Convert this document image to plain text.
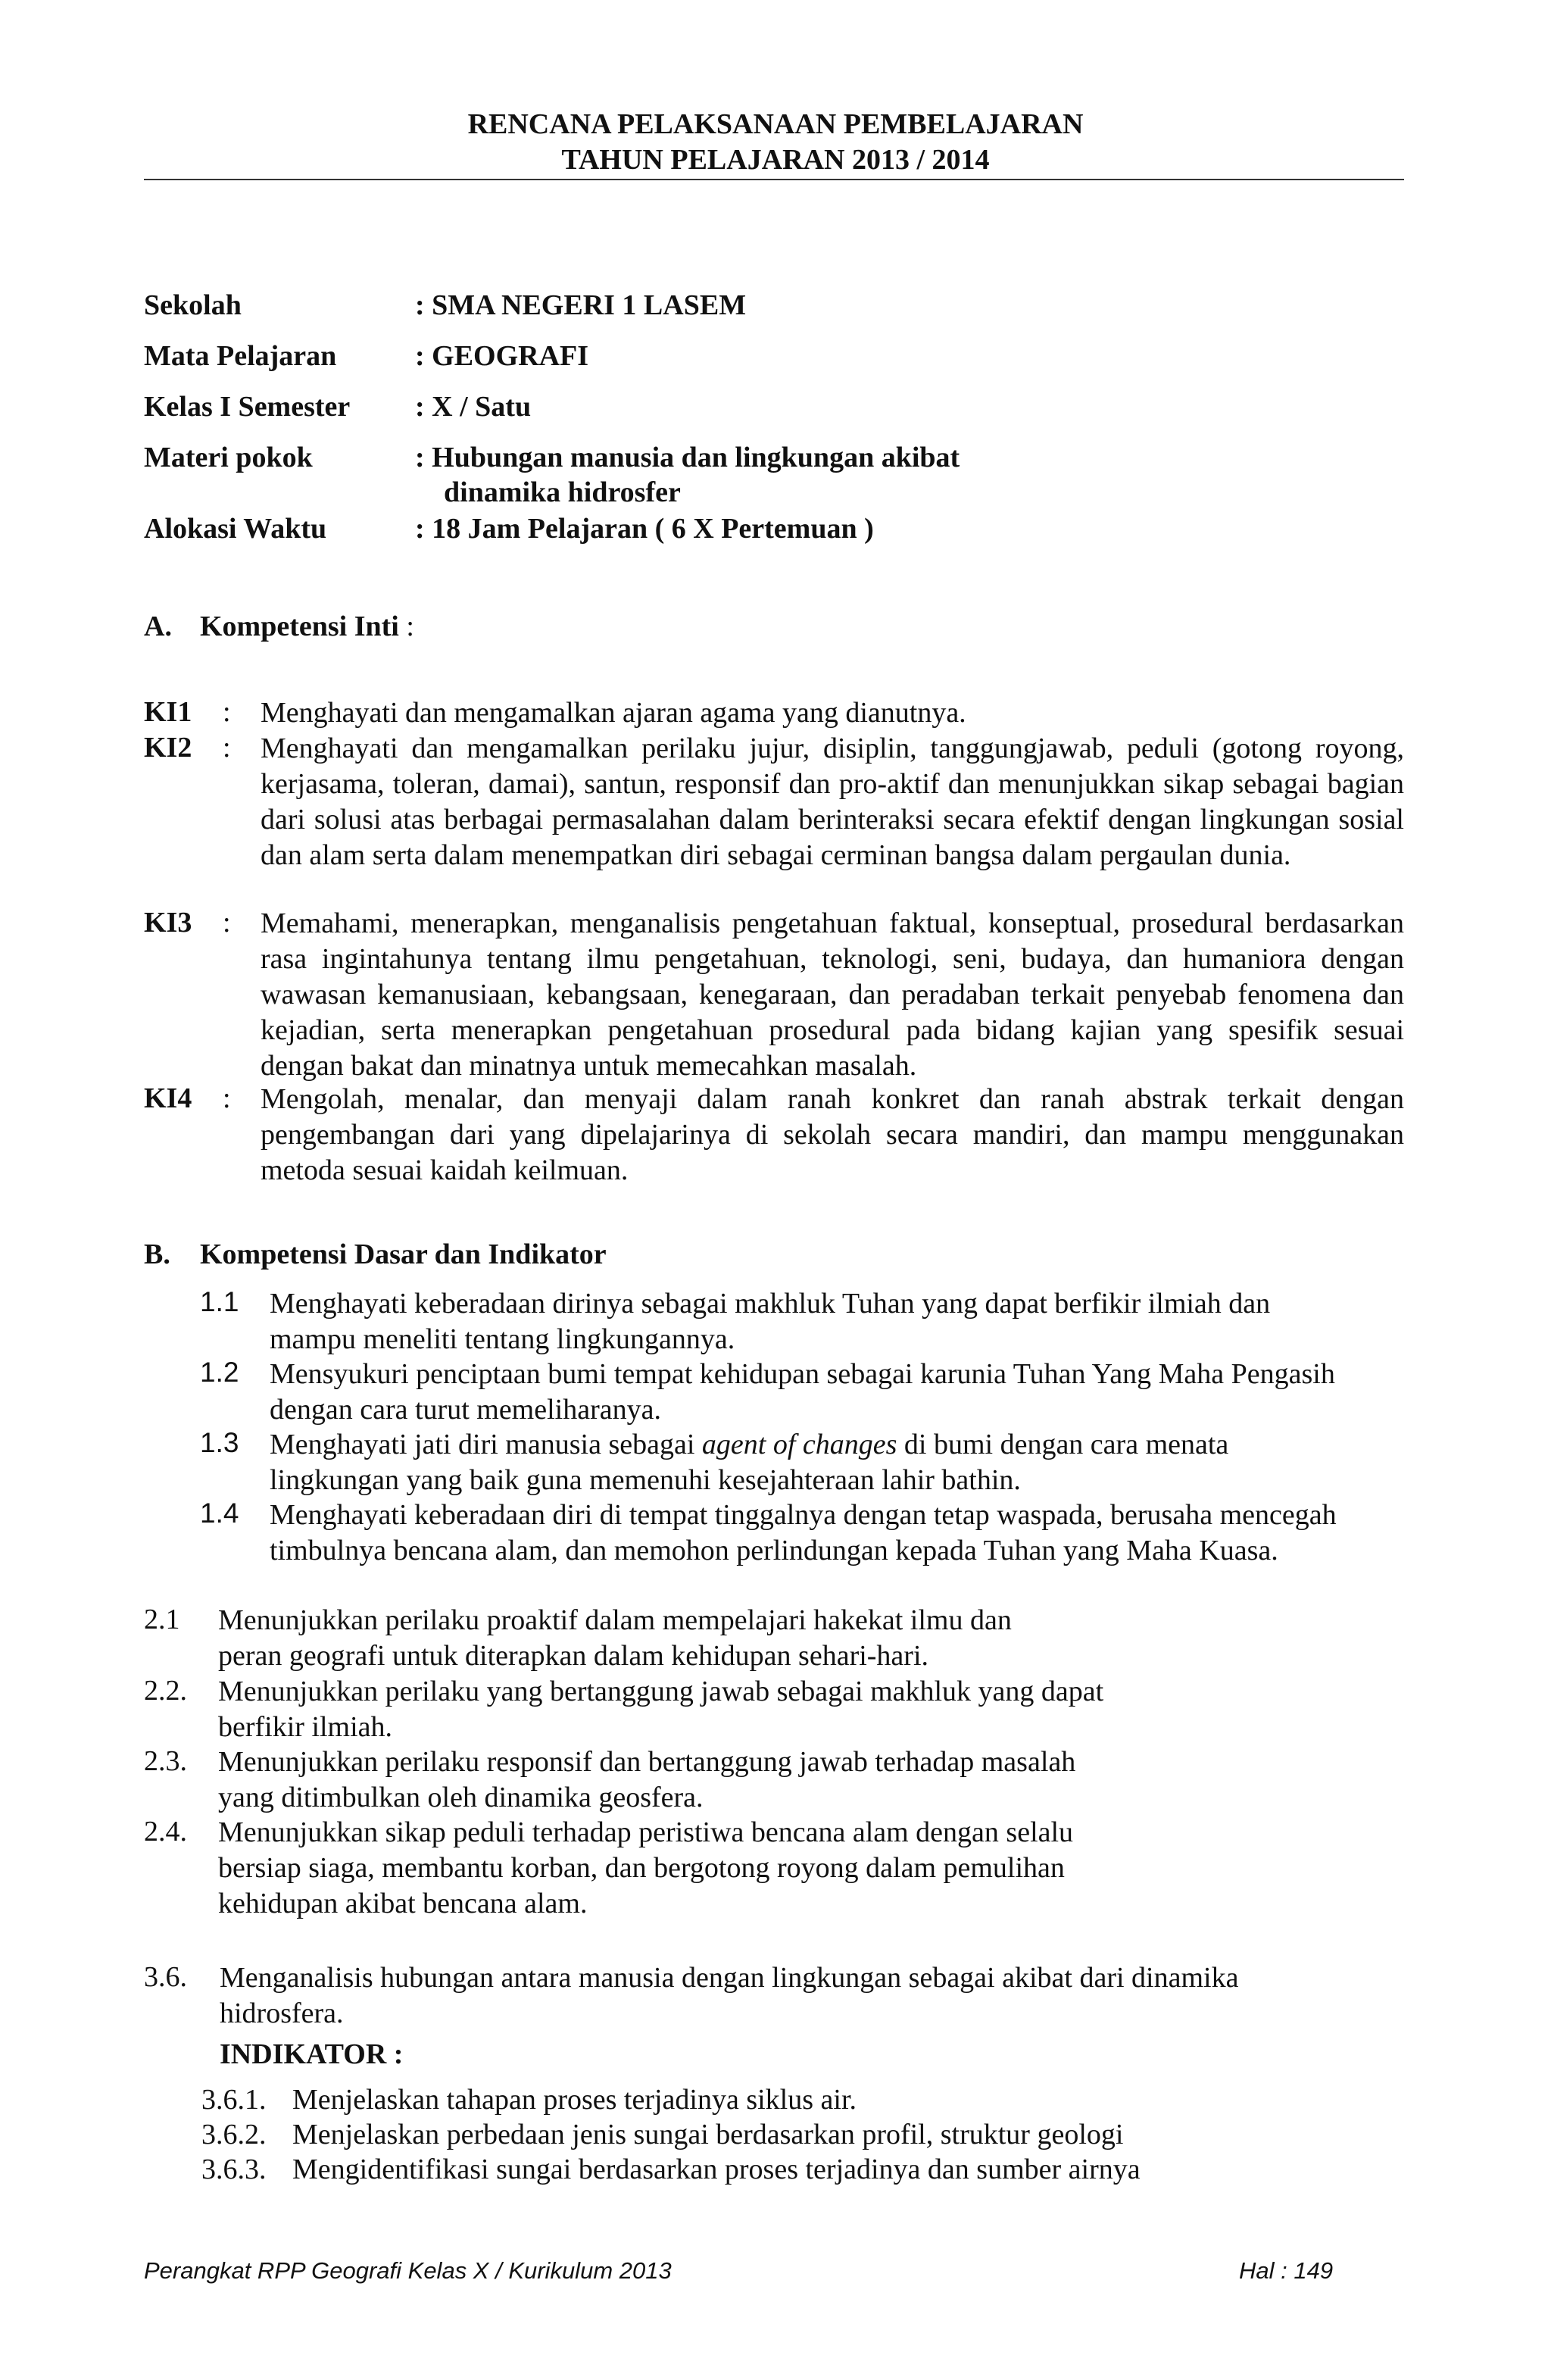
RENCANA PELAKSANAAN PEMBELAJARAN
TAHUN PELAJARAN 2013 / 2014
Sekolah	: SMA NEGERI 1 LASEM
Mata Pelajaran	: GEOGRAFI
Kelas I Semester : X / Satu
Materi pokok	: Hubungan manusia dan lingkungan akibat
dinamika hidrosfer
Alokasi Waktu	: 18 Jam Pelajaran ( 6 X Pertemuan )
A. Kompetensi Inti :
KI1 : Menghayati dan mengamalkan ajaran agama yang dianutnya.
KI2 : Menghayati dan mengamalkan perilaku jujur, disiplin, tanggungjawab, peduli (gotong royong, kerjasama, toleran, damai), santun, responsif dan pro-aktif dan menunjukkan sikap sebagai bagian dari solusi atas berbagai permasalahan dalam berinteraksi secara efektif dengan lingkungan sosial dan alam serta dalam menempatkan diri sebagai cerminan bangsa dalam pergaulan dunia.
KI3 : Memahami, menerapkan, menganalisis pengetahuan faktual, konseptual, prosedural berdasarkan rasa ingintahunya tentang ilmu pengetahuan, teknologi, seni, budaya, dan humaniora dengan wawasan kemanusiaan, kebangsaan, kenegaraan, dan peradaban terkait penyebab fenomena dan kejadian, serta menerapkan pengetahuan prosedural pada bidang kajian yang spesifik sesuai dengan bakat dan minatnya untuk memecahkan masalah.
KI4 : Mengolah, menalar, dan menyaji dalam ranah konkret dan ranah abstrak terkait dengan pengembangan dari yang dipelajarinya di sekolah secara mandiri, dan mampu menggunakan metoda sesuai kaidah keilmuan.
B. Kompetensi Dasar dan Indikator
1.1 Menghayati keberadaan dirinya sebagai makhluk Tuhan yang dapat berfikir ilmiah dan
mampu meneliti tentang lingkungannya.
1.2 Mensyukuri penciptaan bumi tempat kehidupan sebagai karunia Tuhan Yang Maha Pengasih
dengan cara turut memeliharanya.
1.3 Menghayati jati diri manusia sebagai agent of changes di bumi dengan cara menata
lingkungan yang baik guna memenuhi kesejahteraan lahir bathin.
1.4 Menghayati keberadaan diri di tempat tinggalnya dengan tetap waspada, berusaha mencegah
timbulnya bencana alam, dan memohon perlindungan kepada Tuhan yang Maha Kuasa.
2.1 Menunjukkan perilaku proaktif dalam mempelajari hakekat ilmu dan
peran geografi untuk diterapkan dalam kehidupan sehari-hari.
2.2. Menunjukkan perilaku yang bertanggung jawab sebagai makhluk yang dapat
berfikir ilmiah.
2.3. Menunjukkan perilaku responsif dan bertanggung jawab terhadap masalah
yang ditimbulkan oleh dinamika geosfera.
2.4. Menunjukkan sikap peduli terhadap peristiwa bencana alam dengan selalu
bersiap siaga, membantu korban, dan bergotong royong dalam pemulihan
kehidupan akibat bencana alam.
3.6. Menganalisis hubungan antara manusia dengan lingkungan sebagai akibat dari dinamika
hidrosfera.
INDIKATOR :
3.6.1. Menjelaskan tahapan proses terjadinya siklus air.
3.6.2. Menjelaskan perbedaan jenis sungai berdasarkan profil, struktur geologi
3.6.3. Mengidentifikasi sungai berdasarkan proses terjadinya dan sumber airnya
Perangkat RPP Geografi Kelas X / Kurikulum 2013	Hal : 149
